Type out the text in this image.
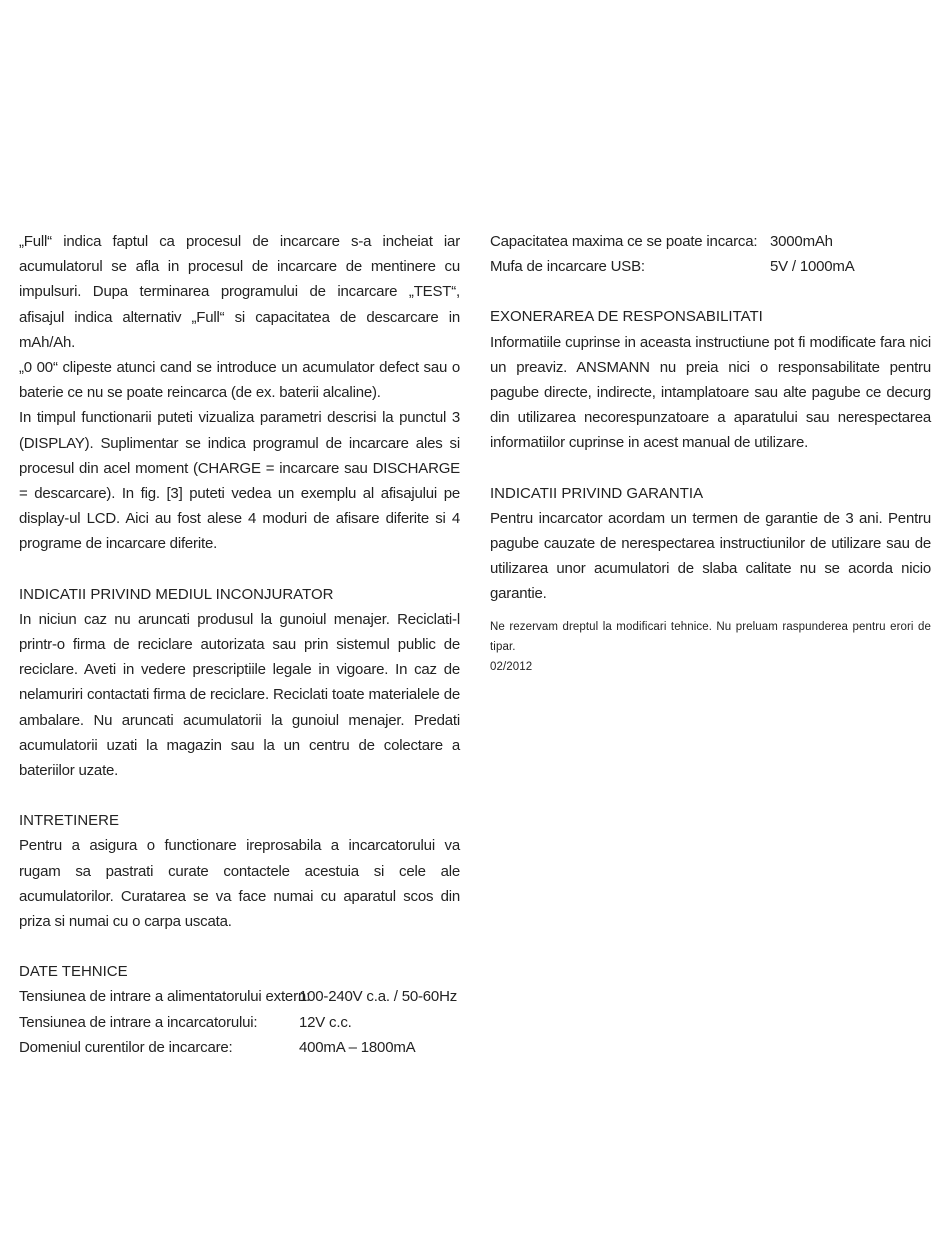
„Full“ indica faptul ca procesul de incarcare s-a incheiat iar acumulatorul se afla in procesul de incarcare de mentinere cu impulsuri. Dupa terminarea programului de incarcare „TEST“, afisajul indica alternativ „Full“ si capacitatea de descarcare in mAh/Ah.

„0 00“ clipeste atunci cand se introduce un acumulator defect sau o baterie ce nu se poate reincarca (de ex. baterii alcaline).

In timpul functionarii puteti vizualiza parametri descrisi la punctul 3 (DISPLAY). Suplimentar se indica programul de incarcare ales si procesul din acel moment (CHARGE = incarcare sau DISCHARGE = descarcare). In fig. [3] puteti vedea un exemplu al afisajului pe display-ul LCD. Aici au fost alese 4 moduri de afisare diferite si 4 programe de incarcare diferite.

INDICATII PRIVIND MEDIUL INCONJURATOR

In niciun caz nu aruncati produsul la gunoiul menajer. Reciclati-l printr-o firma de reciclare autorizata sau prin sistemul public de reciclare. Aveti in vedere prescriptiile legale in vigoare. In caz de nelamuriri contactati firma de reciclare. Reciclati toate materialele de ambalare. Nu aruncati acumulatorii la gunoiul menajer. Predati acumulatorii uzati la magazin sau la un centru de colectare a bateriilor uzate.

INTRETINERE

Pentru a asigura o functionare ireprosabila a incarcatorului va rugam sa pastrati curate contactele acestuia si cele ale acumulatorilor. Curatarea se va face numai cu aparatul scos din priza si numai cu o carpa uscata.

DATE TEHNICE
Tensiunea de intrare a alimentatorului extern:
100-240V c.a. / 50-60Hz
Tensiunea de intrare a incarcatorului:	12V c.c.
Domeniul curentilor de incarcare:	400mA – 1800mA
Capacitatea maxima ce se poate incarca: 3000mAh
Mufa de incarcare USB:	5V / 1000mA
EXONERAREA DE RESPONSABILITATI

Informatiile cuprinse in aceasta instructiune pot fi modificate fara nici un preaviz. ANSMANN nu preia nici o responsabilitate pentru pagube directe, indirecte, intamplatoare sau alte pagube ce decurg din utilizarea necorespunzatoare a aparatului sau nerespectarea informatiilor cuprinse in acest manual de utilizare.

INDICATII PRIVIND GARANTIA

Pentru incarcator acordam un termen de garantie de 3 ani. Pentru pagube cauzate de nerespectarea instructiunilor de utilizare sau de utilizarea unor acumulatori de slaba calitate nu se acorda nicio garantie.

Ne rezervam dreptul la modificari tehnice. Nu preluam raspunderea pentru erori de tipar.
02/2012
